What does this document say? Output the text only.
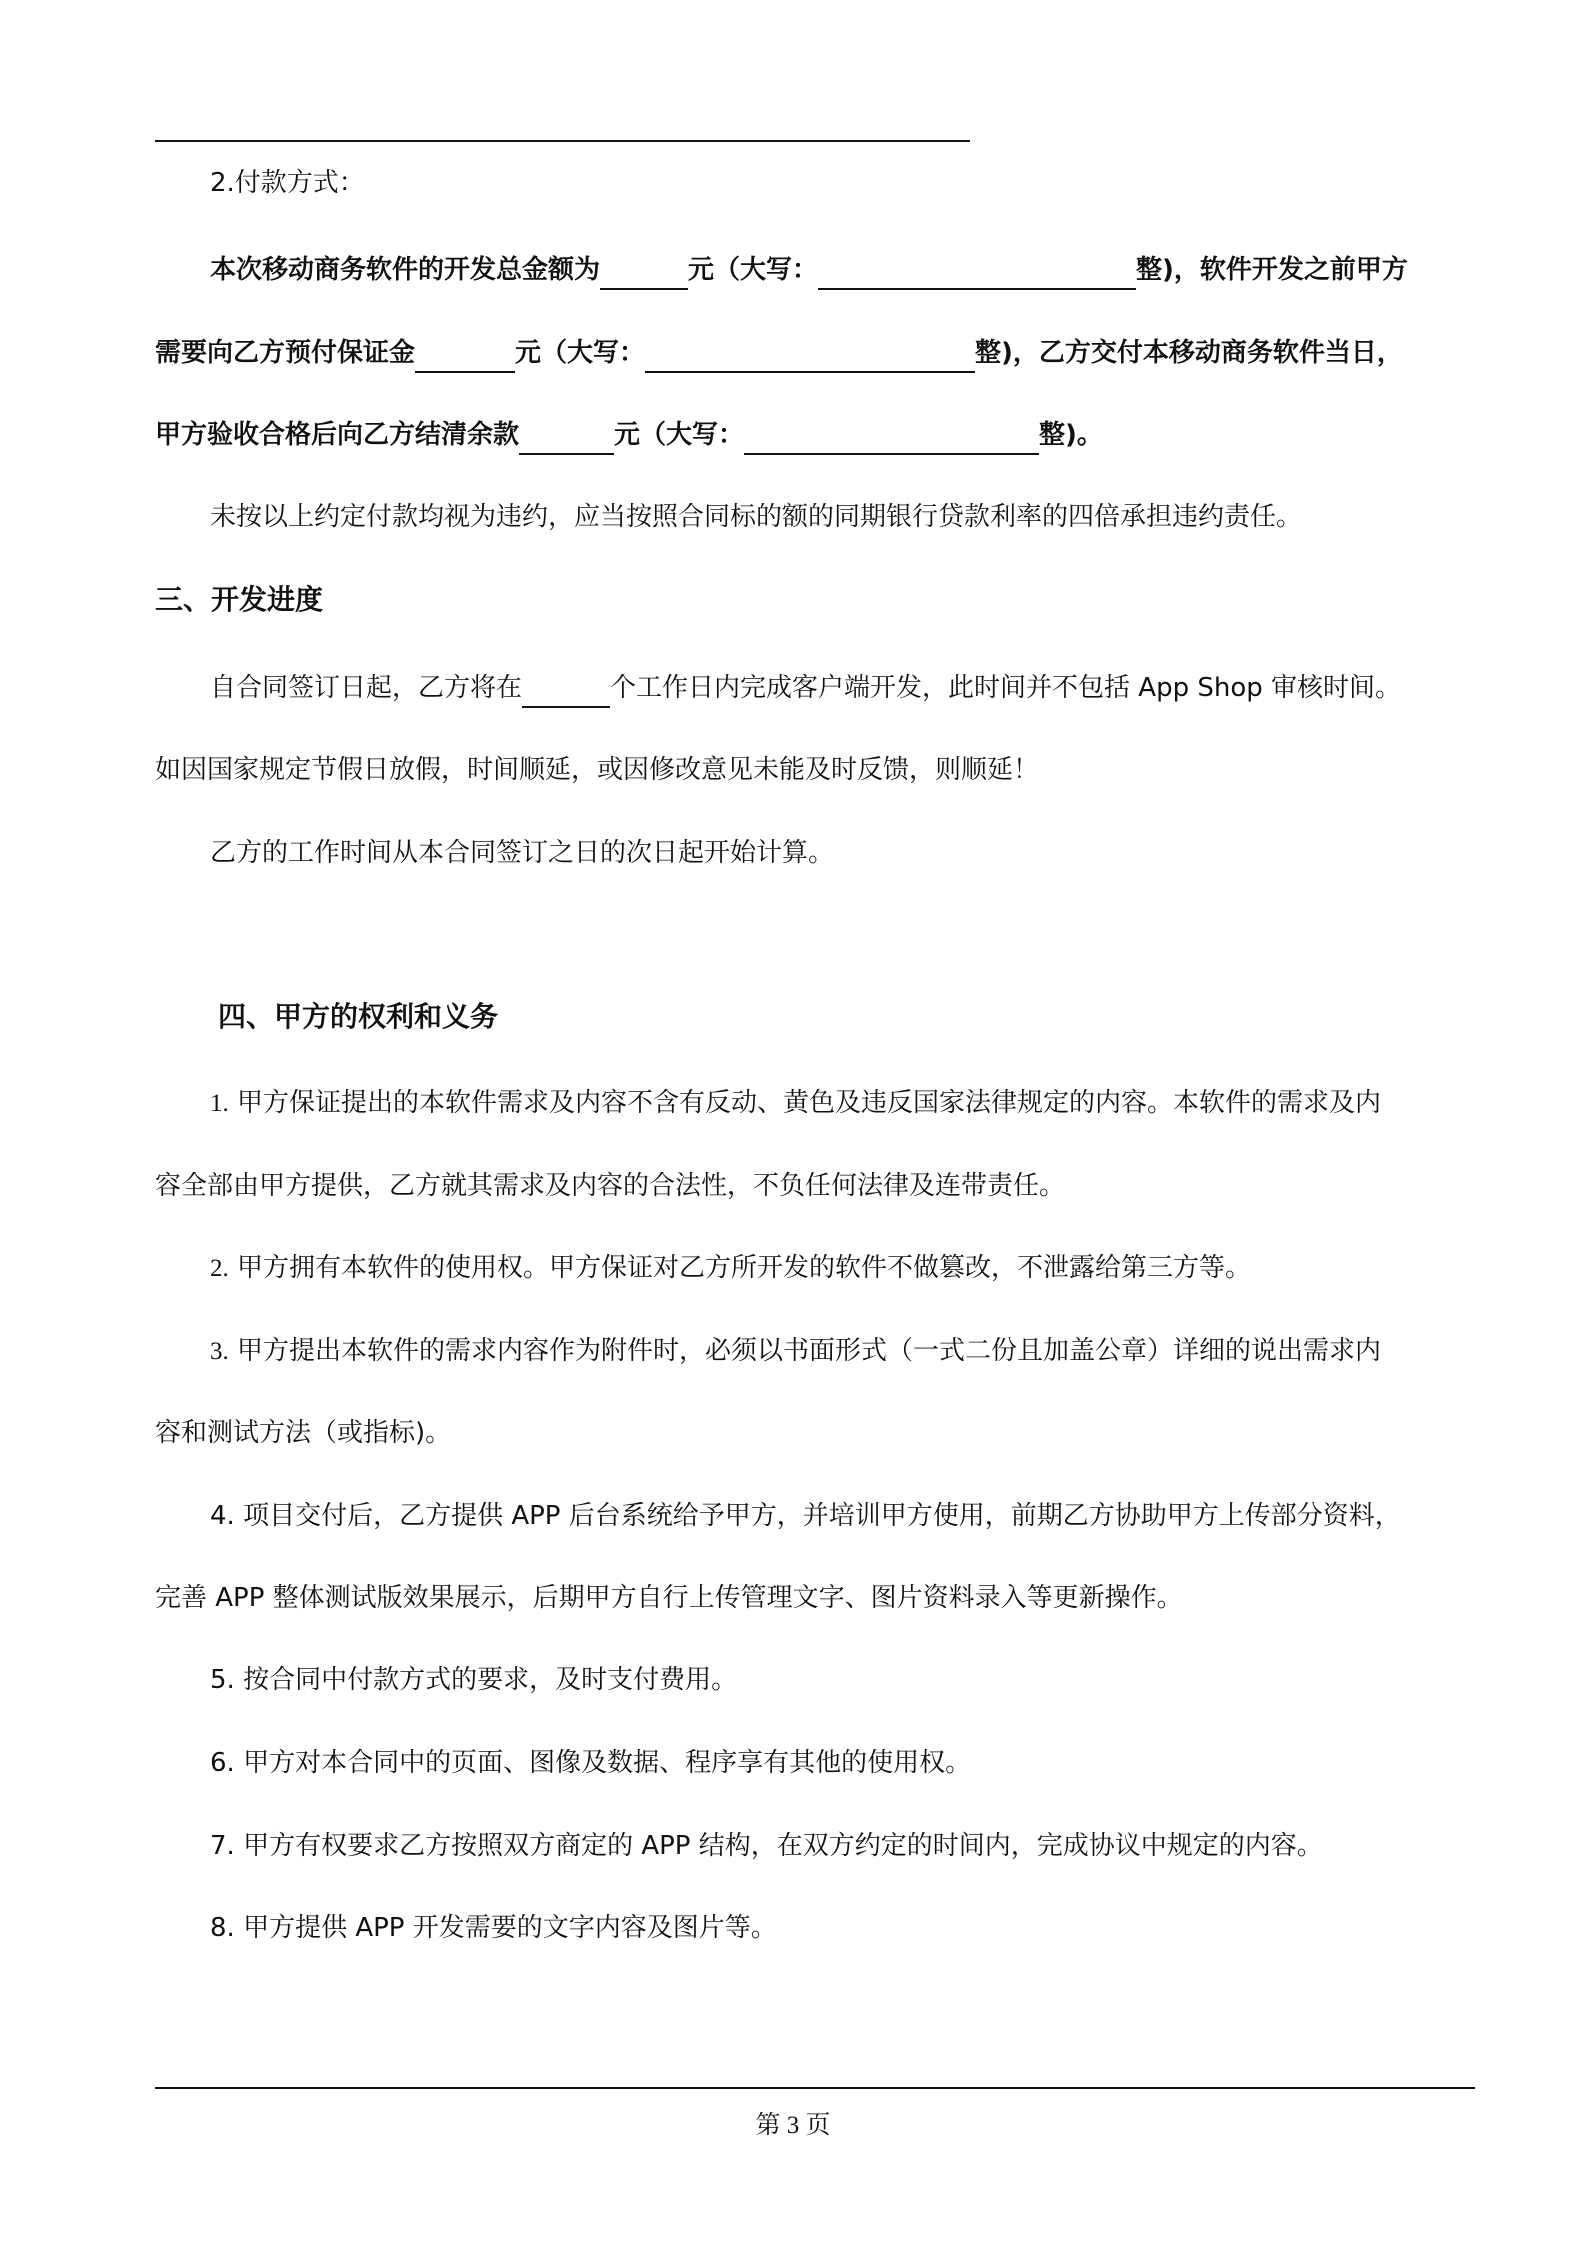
2.付款方式：
本次移动商务软件的开发总金额为	元（大写：	整)，软件开发之前甲方
需要向乙方预付保证金	元（大写：	整)，乙方交付本移动商务软件当日，
甲方验收合格后向乙方结清余款	元（大写：	整)。
未按以上约定付款均视为违约，应当按照合同标的额的同期银行贷款利率的四倍承担违约责任。
三、开发进度
自合同签订日起，乙方将在	个工作日内完成客户端开发，此时间并不包括 App Shop 审核时间。
如因国家规定节假日放假，时间顺延，或因修改意见未能及时反馈，则顺延！
乙方的工作时间从本合同签订之日的次日起开始计算。
四、甲方的权利和义务
1. 甲方保证提出的本软件需求及内容不含有反动、黄色及违反国家法律规定的内容。本软件的需求及内
容全部由甲方提供，乙方就其需求及内容的合法性，不负任何法律及连带责任。
2. 甲方拥有本软件的使用权。甲方保证对乙方所开发的软件不做篡改，不泄露给第三方等。
3. 甲方提出本软件的需求内容作为附件时，必须以书面形式（一式二份且加盖公章）详细的说出需求内
容和测试方法（或指标)。
4. 项目交付后，乙方提供 APP 后台系统给予甲方，并培训甲方使用，前期乙方协助甲方上传部分资料，
完善 APP 整体测试版效果展示，后期甲方自行上传管理文字、图片资料录入等更新操作。
5. 按合同中付款方式的要求，及时支付费用。
6. 甲方对本合同中的页面、图像及数据、程序享有其他的使用权。
7. 甲方有权要求乙方按照双方商定的 APP 结构，在双方约定的时间内，完成协议中规定的内容。
8. 甲方提供 APP 开发需要的文字内容及图片等。
第 3 页
